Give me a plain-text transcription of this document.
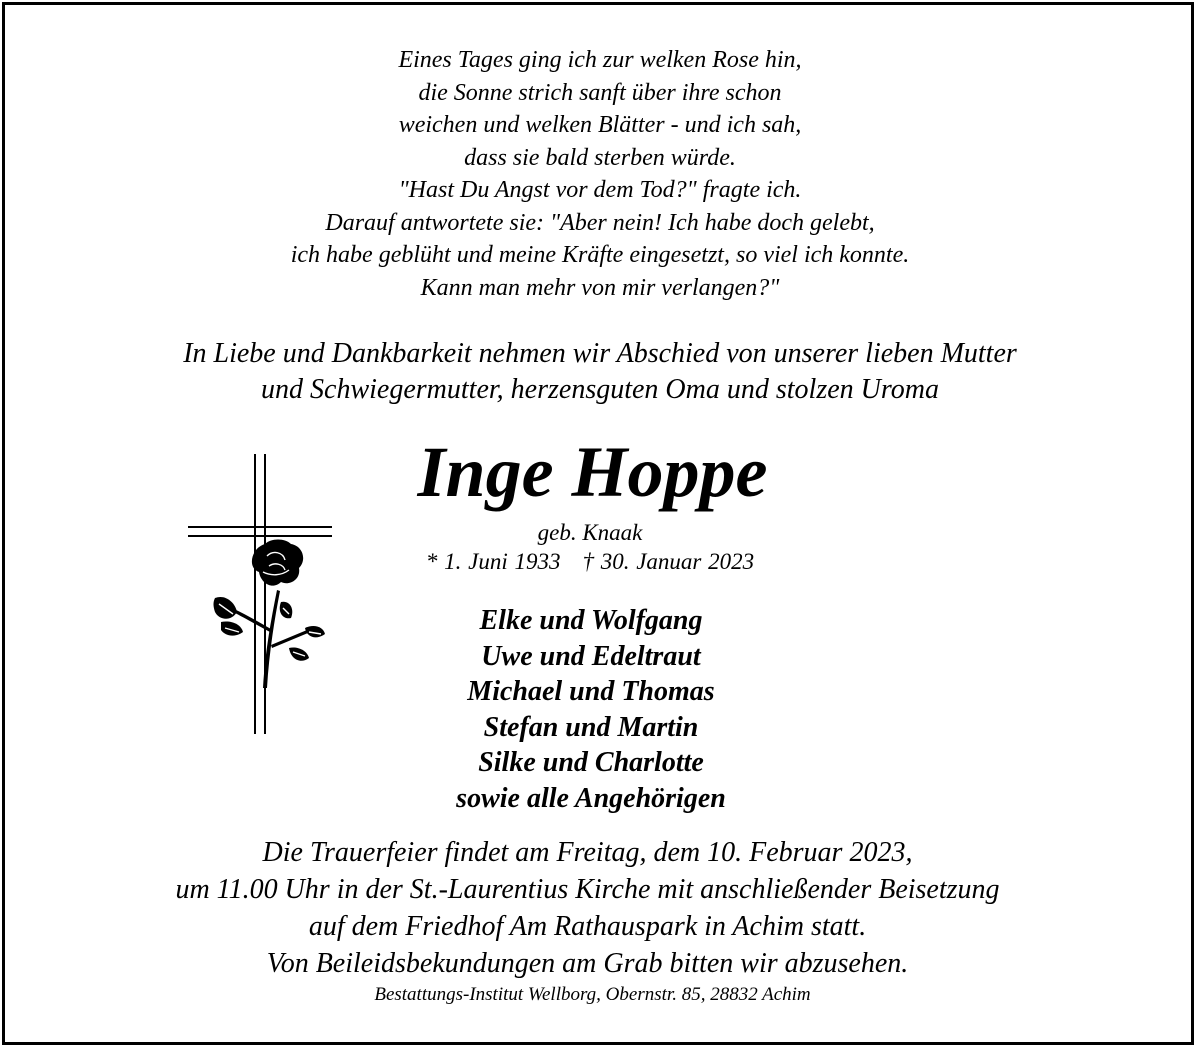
Eines Tages ging ich zur welken Rose hin,
die Sonne strich sanft über ihre schon
weichen und welken Blätter - und ich sah,
dass sie bald sterben würde.
"Hast Du Angst vor dem Tod?" fragte ich.
Darauf antwortete sie: "Aber nein! Ich habe doch gelebt,
ich habe geblüht und meine Kräfte eingesetzt, so viel ich konnte.
Kann man mehr von mir verlangen?"
In Liebe und Dankbarkeit nehmen wir Abschied von unserer lieben Mutter
und Schwiegermutter, herzensguten Oma und stolzen Uroma
Inge Hoppe
geb. Knaak
* 1. Juni 1933 † 30. Januar 2023
Elke und Wolfgang
Uwe und Edeltraut
Michael und Thomas
Stefan und Martin
Silke und Charlotte
sowie alle Angehörigen
Die Trauerfeier findet am Freitag, dem 10. Februar 2023,
um 11.00 Uhr in der St.-Laurentius Kirche mit anschließender Beisetzung
auf dem Friedhof Am Rathauspark in Achim statt.
Von Beileidsbekundungen am Grab bitten wir abzusehen.
Bestattungs-Institut Wellborg, Obernstr. 85, 28832 Achim
